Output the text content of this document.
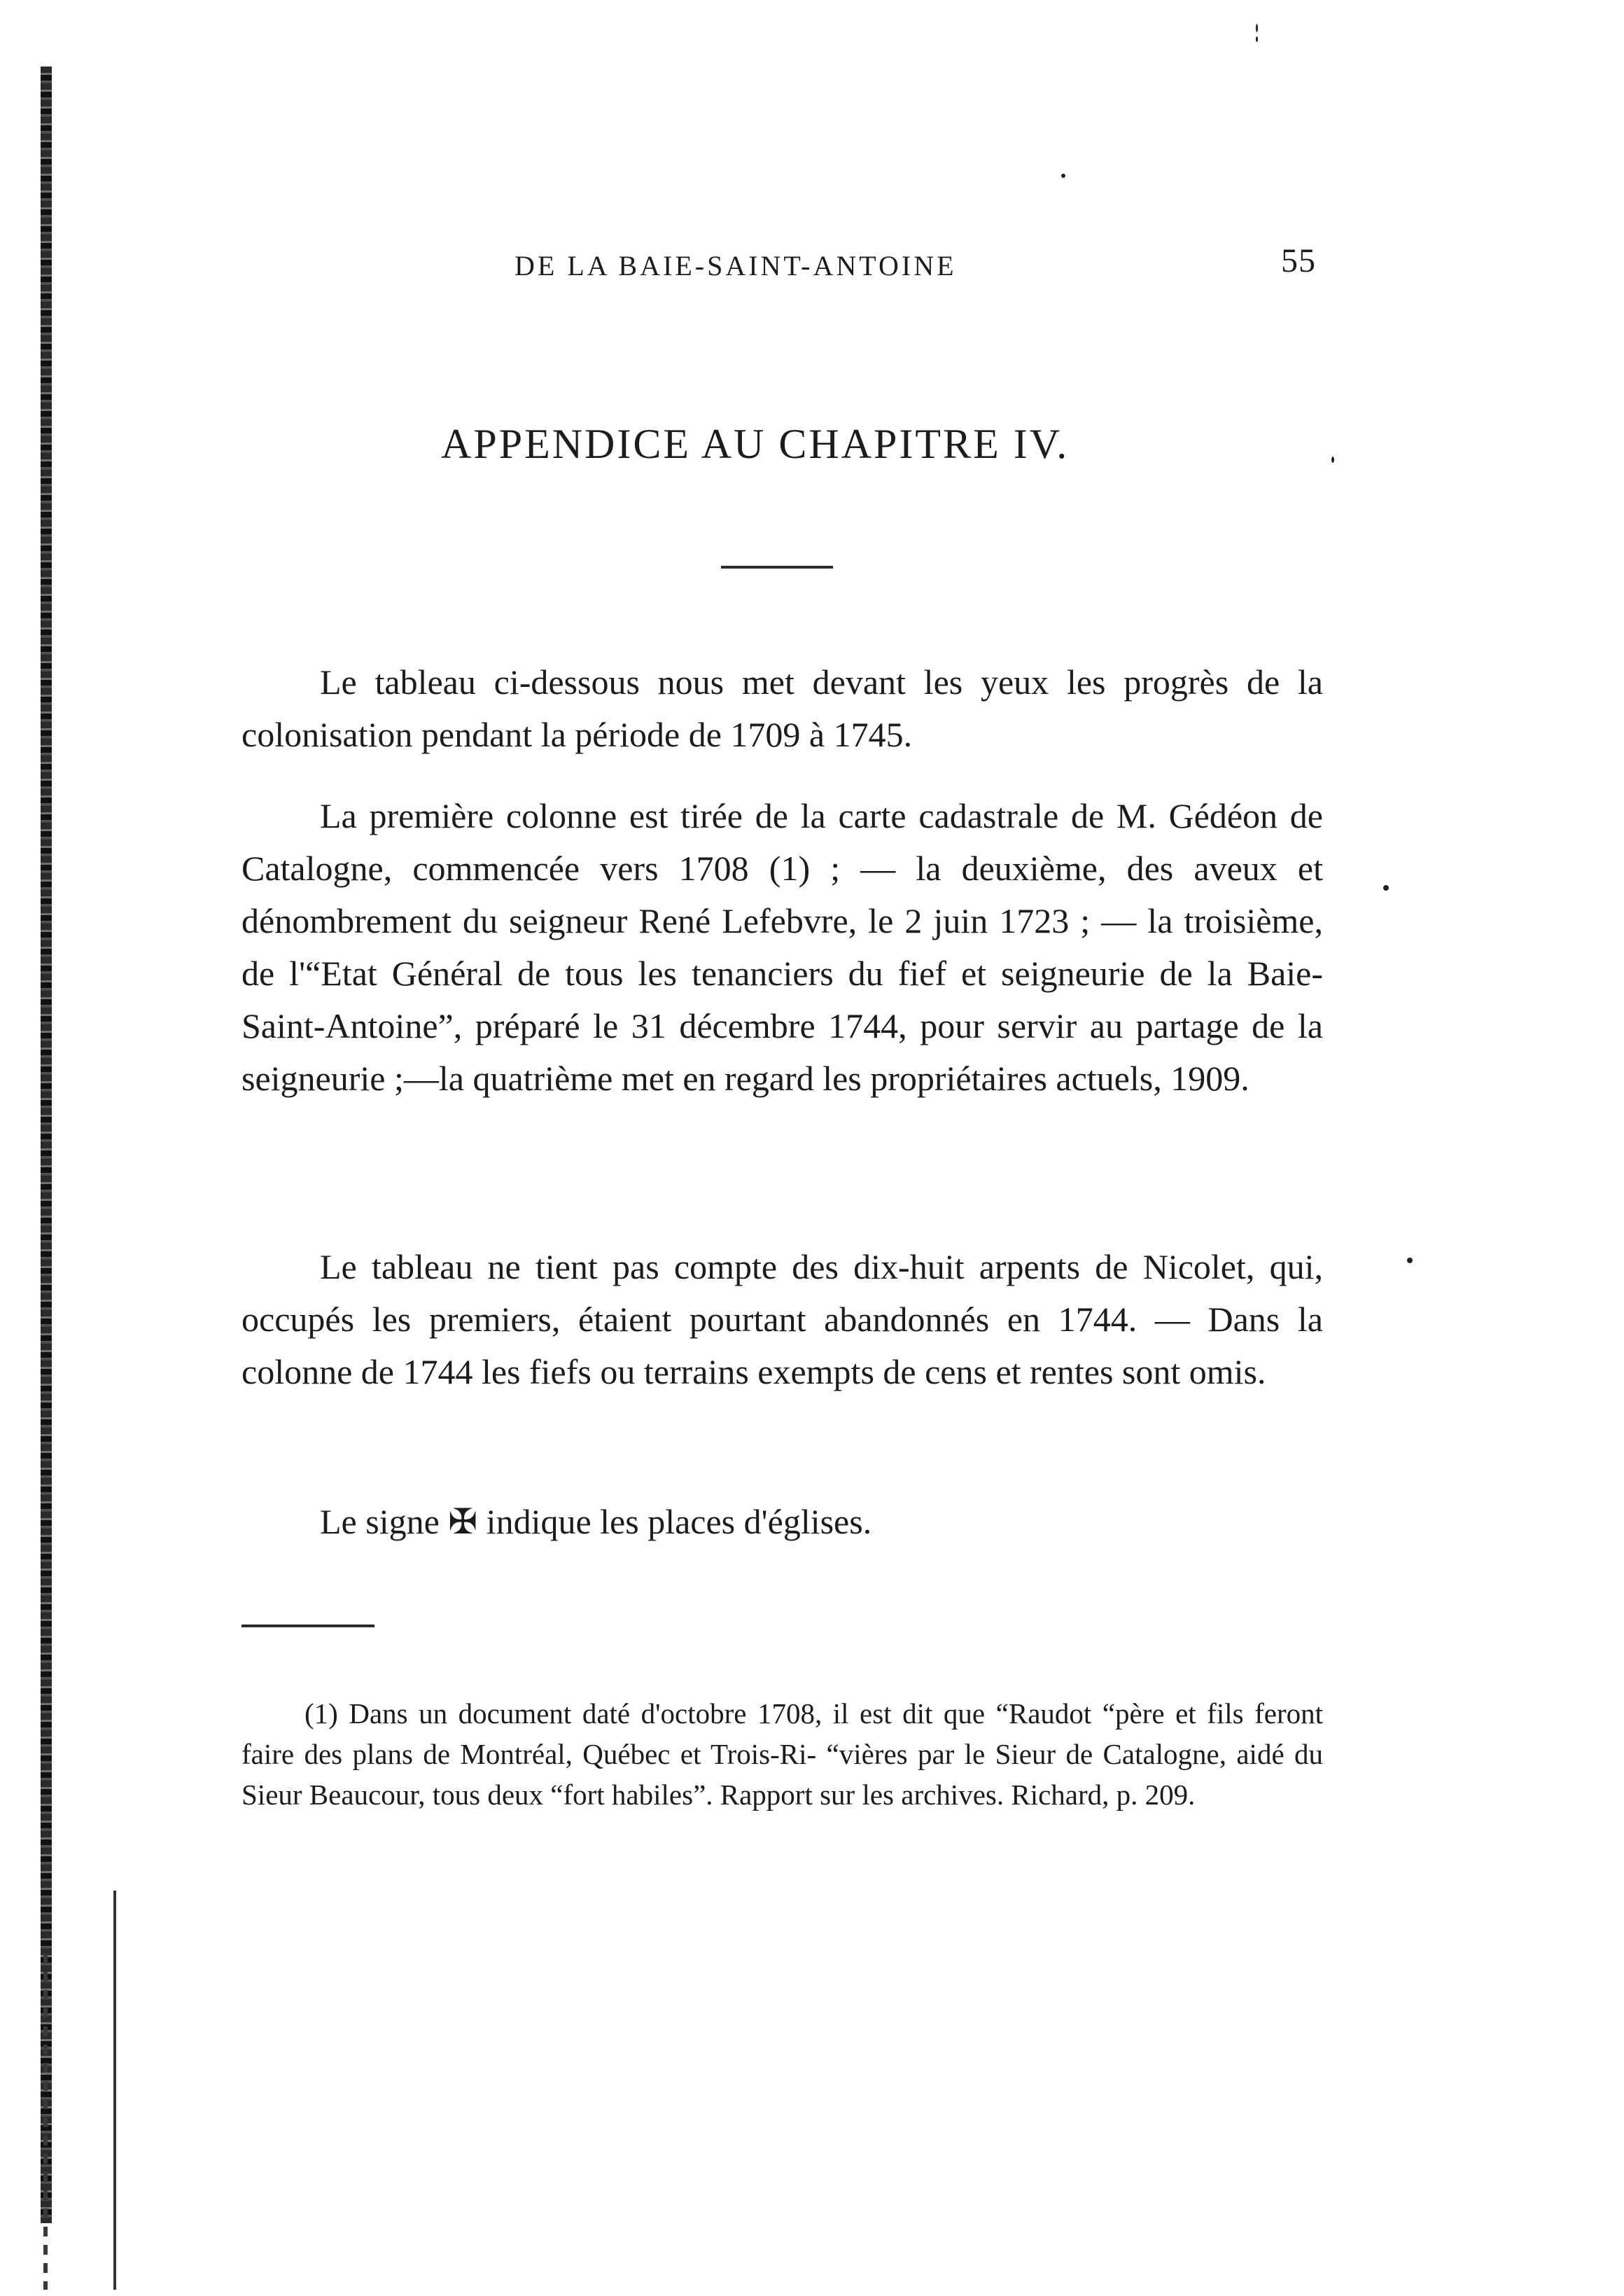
DE LA BAIE-SAINT-ANTOINE	55
APPENDICE AU CHAPITRE IV.

Le tableau ci-dessous nous met devant les yeux les progrès de la colonisation pendant la période de 1709 à 1745.

La première colonne est tirée de la carte cadastrale de M. Gédéon de Catalogne, commencée vers 1708 (1) ; — la deuxième, des aveux et dénombrement du seigneur René Lefebvre, le 2 juin 1723 ; — la troisième, de l'“Etat Général de tous les tenanciers du fief et seigneurie de la Baie-Saint-Antoine”, préparé le 31 décembre 1744, pour servir au partage de la seigneurie ;—la quatrième met en regard les propriétaires actuels, 1909.

Le tableau ne tient pas compte des dix-huit arpents de Nicolet, qui, occupés les premiers, étaient pourtant abandonnés en 1744. — Dans la colonne de 1744 les fiefs ou terrains exempts de cens et rentes sont omis.

Le signe ✠ indique les places d'églises.

(1) Dans un document daté d'octobre 1708, il est dit que “Raudot “père et fils feront faire des plans de Montréal, Québec et Trois-Ri- “vières par le Sieur de Catalogne, aidé du Sieur Beaucour, tous deux “fort habiles”. Rapport sur les archives. Richard, p. 209.
